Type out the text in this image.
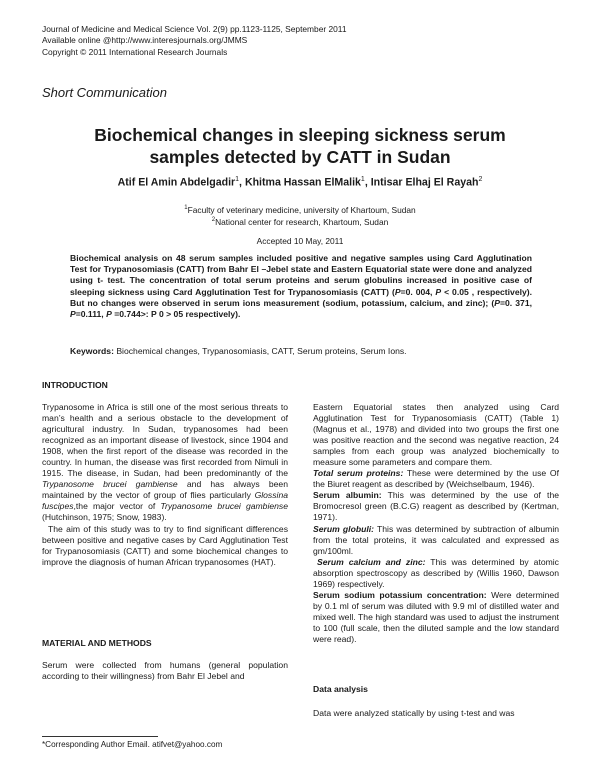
Journal of Medicine and Medical Science Vol. 2(9) pp.1123-1125, September 2011
Available online @http://www.interesjournals.org/JMMS
Copyright © 2011 International Research Journals
Short Communication
Biochemical changes in sleeping sickness serum
samples detected by CATT in Sudan
Atif El Amin Abdelgadir$^1$, Khitma Hassan ElMalik$^1$, Intisar Elhaj El Rayah$^2$
$^1$Faculty of veterinary medicine, university of Khartoum, Sudan
$^2$National center for research, Khartoum, Sudan
Accepted 10 May, 2011
Biochemical analysis on 48 serum samples included positive and negative samples using Card Agglutination Test for Trypanosomiasis (CATT) from Bahr El –Jebel state and Eastern Equatorial state were done and analyzed using t- test. The concentration of total serum proteins and serum globulins increased in positive case of sleeping sickness using Card Agglutination Test for Trypanosomiasis (CATT) (P=0. 004, P < 0.05 , respectively). But no changes were observed in serum ions measurement (sodium, potassium, calcium, and zinc); (P=0. 371, P=0.111, P =0.744>: P 0 > 05 respectively).
Keywords: Biochemical changes, Trypanosomiasis, CATT, Serum proteins, Serum Ions.
INTRODUCTION

Trypanosome in Africa is still one of the most serious threats to man’s health and a serious obstacle to the development of agricultural industry. In Sudan, trypanosomes had been recognized as an important disease of livestock, since 1904 and 1908, when the first report of the disease was recorded in the country. In human, the disease was first recorded from Nimuli in 1915. The disease, in Sudan, had been predominantly of the Trypanosome brucei gambiense and has always been maintained by the vector of group of flies particularly Glossina fuscipes,the major vector of Trypanosome brucei gambiense (Hutchinson, 1975; Snow, 1983).

The aim of this study was to try to find significant differences between positive and negative cases by Card Agglutination Test for Trypanosomiasis (CATT) and some biochemical changes to improve the diagnosis of human African trypanosomes (HAT).

MATERIAL AND METHODS

Serum were collected from humans (general population according to their willingness) from Bahr El Jebel and

*Corresponding Author Email. atifvet@yahoo.com

Eastern Equatorial states then analyzed using Card Agglutination Test for Trypanosomiasis (CATT) (Table 1) (Magnus et al., 1978) and divided into two groups the first one was positive reaction and the second was negative reaction, 24 samples from each group was analyzed biochemically to measure some parameters and compare them.

Total serum proteins: These were determined by the use Of the Biuret reagent as described by (Weichselbaum, 1946).

Serum albumin: This was determined by the use of the Bromocresol green (B.C.G) reagent as described by (Kertman, 1971).

Serum globuli: This was determined by subtraction of albumin from the total proteins, it was calculated and expressed as gm/100ml.

Serum calcium and zinc: This was determined by atomic absorption spectroscopy as described by (Willis 1960, Dawson 1969) respectively.

Serum sodium potassium concentration: Were determined by 0.1 ml of serum was diluted with 9.9 ml of distilled water and mixed well. The high standard was used to adjust the instrument to 100 (full scale, then the diluted sample and the low standard were read).

Data analysis
Data were analyzed statically by using t-test and was
